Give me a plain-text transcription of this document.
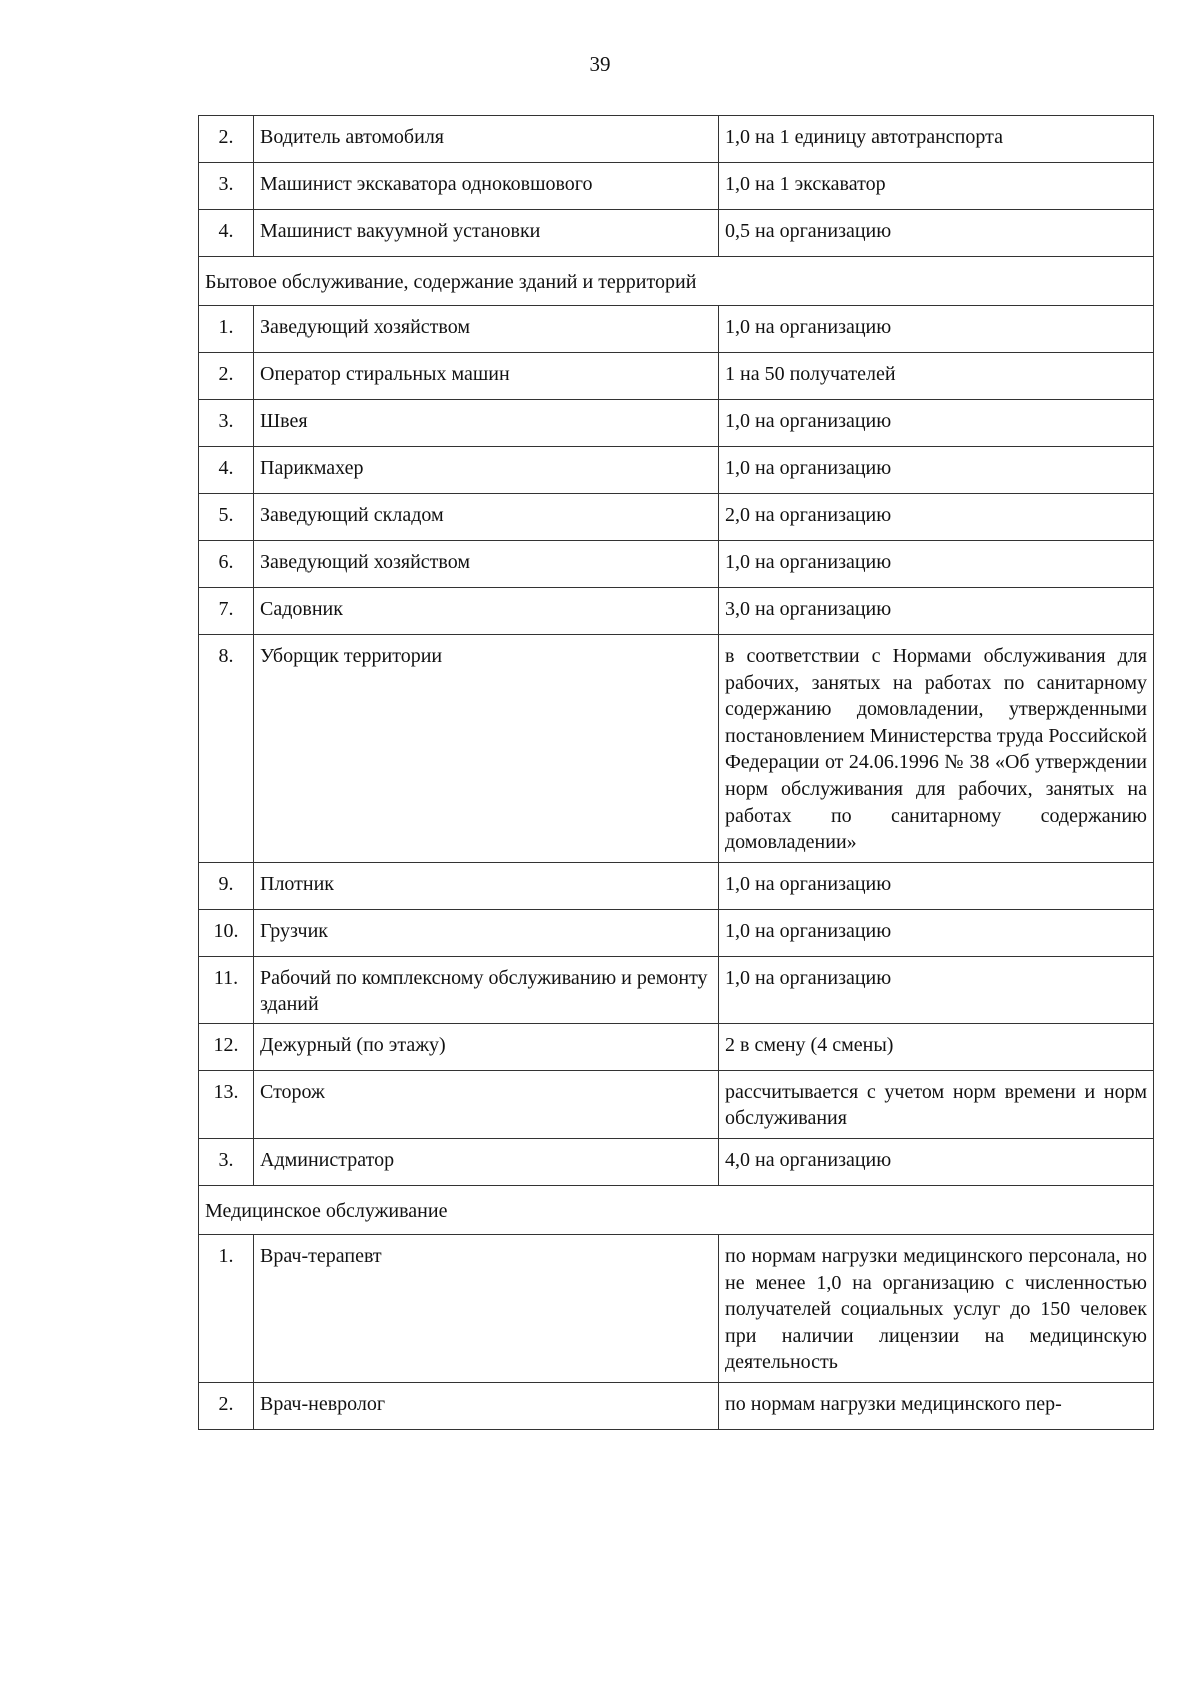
39
2.	Водитель автомобиля	1,0 на 1 единицу автотранспорта
3.	Машинист экскаватора одноковшового	1,0 на 1 экскаватор
4.	Машинист вакуумной установки	0,5 на организацию
Бытовое обслуживание, содержание зданий и территорий		
1.	Заведующий хозяйством	1,0 на организацию
2.	Оператор стиральных машин	1 на 50 получателей
3.	Швея	1,0 на организацию
4.	Парикмахер	1,0 на организацию
5.	Заведующий складом	2,0 на организацию
6.	Заведующий хозяйством	1,0 на организацию
7.	Садовник	3,0 на организацию
8.	Уборщик территории	в соответствии с Нормами обслуживания для рабочих, занятых на работах по санитарному содержанию домовладении, утвержденными постановлением Министерства труда Российской Федерации от 24.06.1996 № 38 «Об утверждении норм обслуживания для рабочих, занятых на работах по санитарному содержанию домовладении»
9.	Плотник	1,0 на организацию
10.	Грузчик	1,0 на организацию
11.	Рабочий по комплексному обслуживанию и ремонту зданий	1,0 на организацию
12.	Дежурный (по этажу)	2 в смену (4 смены)
13.	Сторож	рассчитывается с учетом норм времени и норм обслуживания
3.	Администратор	4,0 на организацию
Медицинское обслуживание		
1.	Врач-терапевт	по нормам нагрузки медицинского персонала, но не менее 1,0 на организацию с численностью получателей социальных услуг до 150 человек при наличии лицензии на медицинскую деятельность
2.	Врач-невролог	по нормам нагрузки медицинского пер-
